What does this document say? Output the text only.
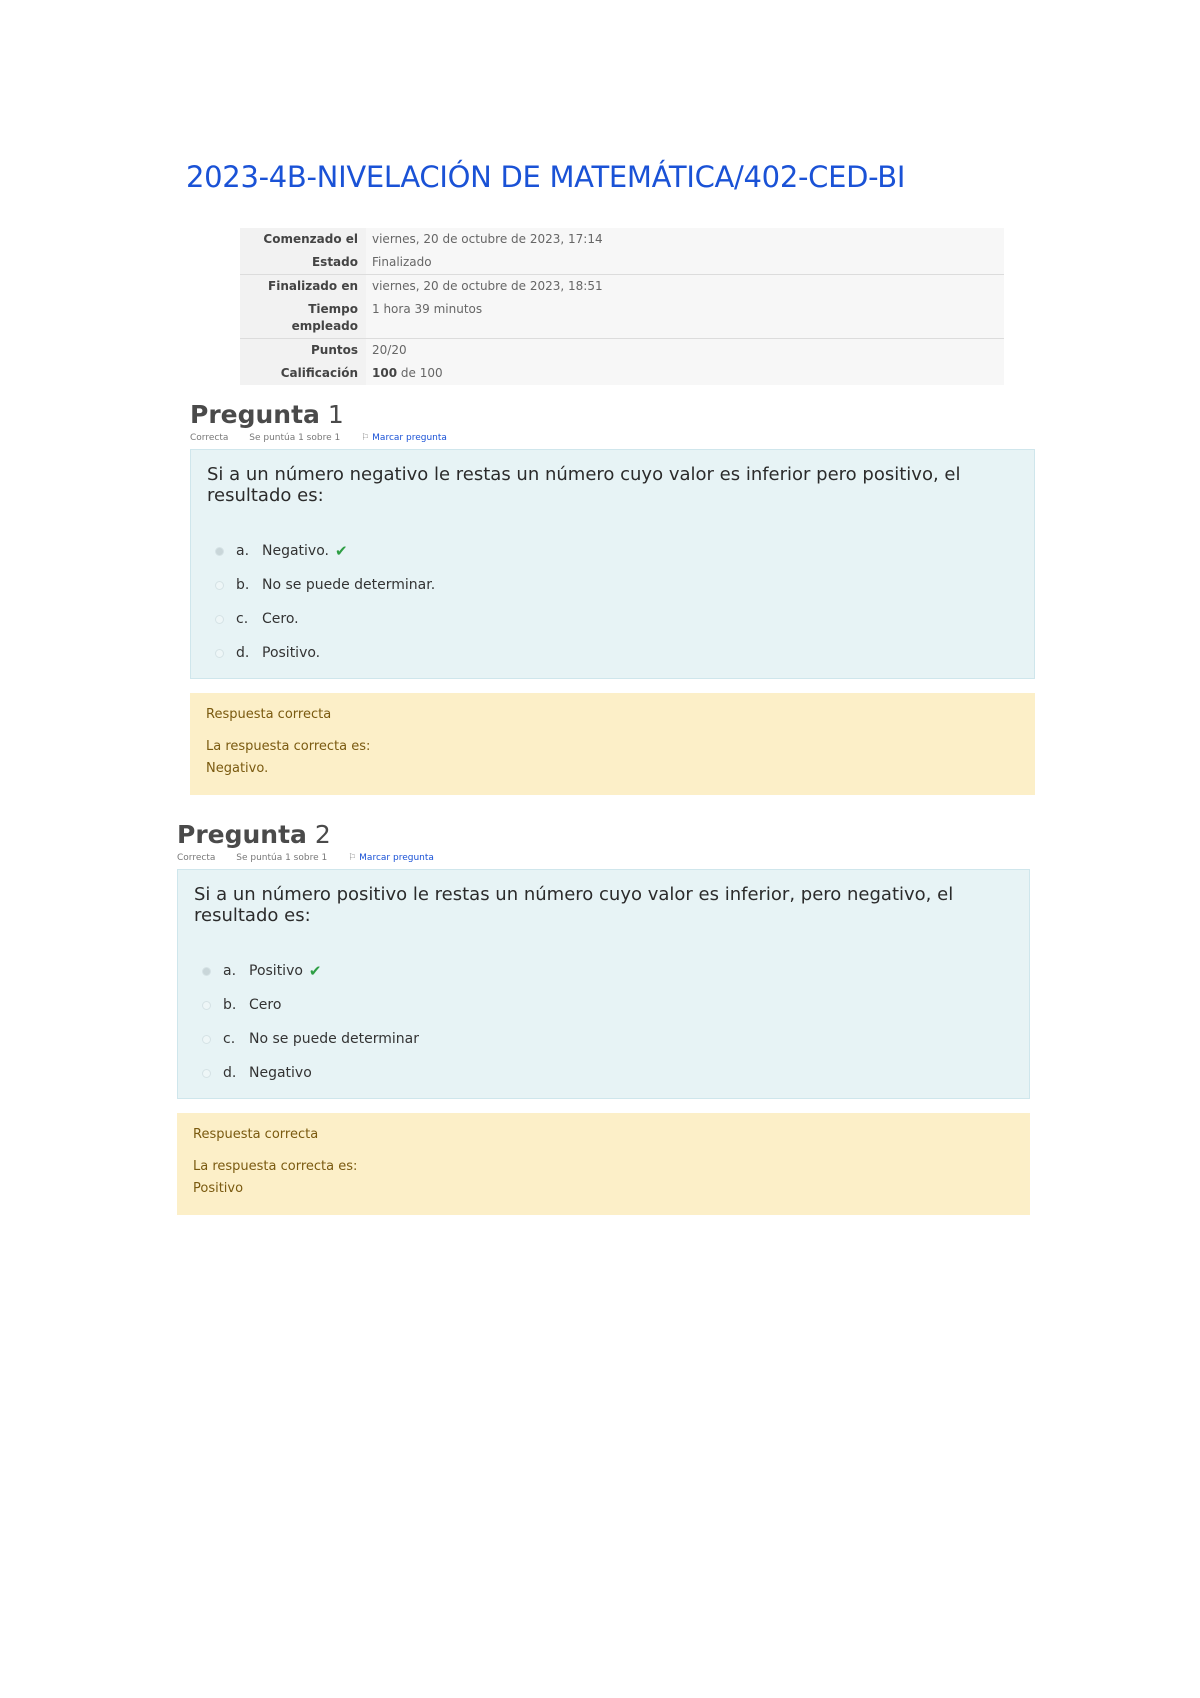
2023-4B-NIVELACIÓN DE MATEMÁTICA/402-CED-BI
Comenzado el	viernes, 20 de octubre de 2023, 17:14
Estado	Finalizado
Finalizado en	viernes, 20 de octubre de 2023, 18:51
Tiempo empleado	1 hora 39 minutos
Puntos	20/20
Calificación	100 de 100
Pregunta 1
Correcta Se puntúa 1 sobre 1 ⚐ Marcar pregunta

Si a un número negativo le restas un número cuyo valor es inferior pero positivo, el resultado es:

a. Negativo. ✔
b. No se puede determinar.
c. Cero.
d. Positivo.
Respuesta correcta
La respuesta correcta es:
Negativo.
Pregunta 2
Correcta Se puntúa 1 sobre 1 ⚐ Marcar pregunta

Si a un número positivo le restas un número cuyo valor es inferior, pero negativo, el resultado es:

a. Positivo ✔
b. Cero
c. No se puede determinar
d. Negativo
Respuesta correcta
La respuesta correcta es:
Positivo
